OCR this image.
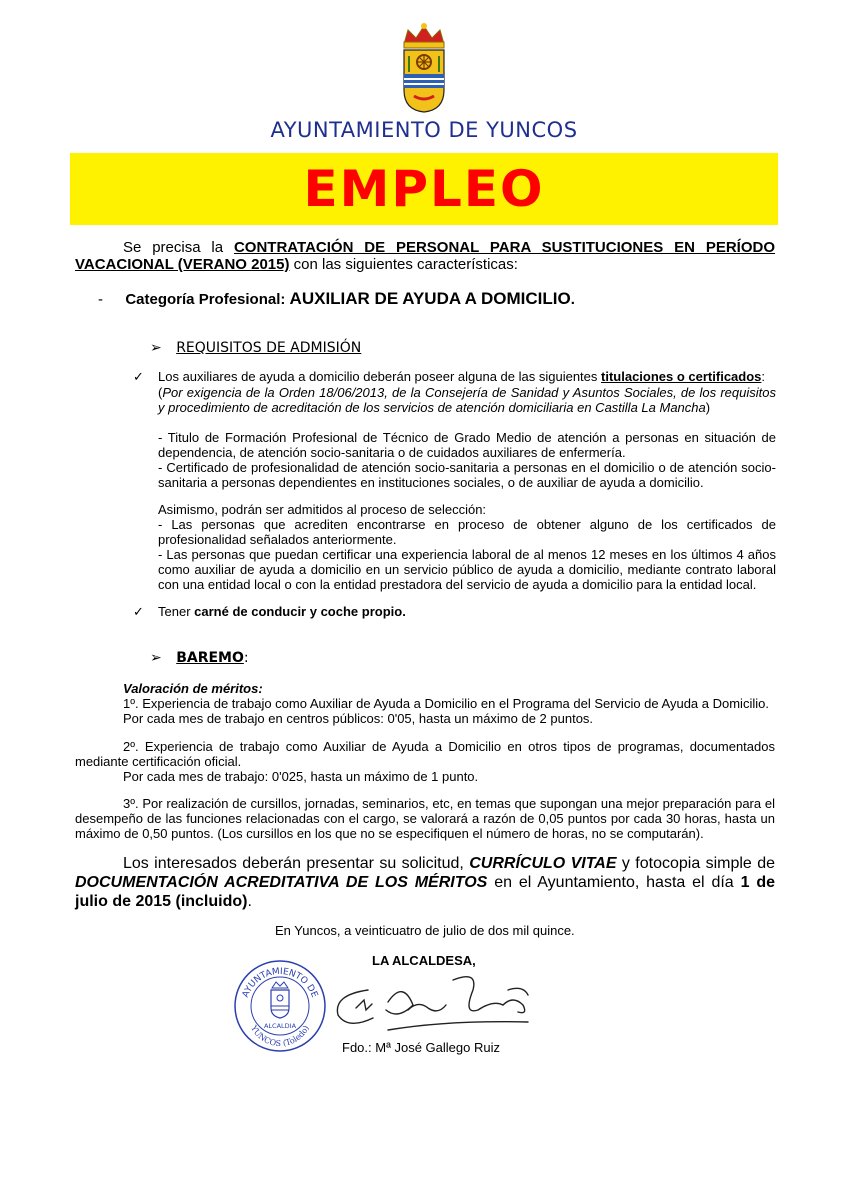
AYUNTAMIENTO DE YUNCOS
EMPLEO

Se precisa la CONTRATACIÓN DE PERSONAL PARA SUSTITUCIONES EN PERÍODO VACACIONAL (VERANO 2015) con las siguientes características:

- Categoría Profesional: AUXILIAR DE AYUDA A DOMICILIO.
➢ REQUISITOS DE ADMISIÓN
✓ Los auxiliares de ayuda a domicilio deberán poseer alguna de las siguientes titulaciones o certificados:
(Por exigencia de la Orden 18/06/2013, de la Consejería de Sanidad y Asuntos Sociales, de los requisitos y procedimiento de acreditación de los servicios de atención domiciliaria en Castilla La Mancha)
- Titulo de Formación Profesional de Técnico de Grado Medio de atención a personas en situación de dependencia, de atención socio-sanitaria o de cuidados auxiliares de enfermería.
- Certificado de profesionalidad de atención socio-sanitaria a personas en el domicilio o de atención socio-sanitaria a personas dependientes en instituciones sociales, o de auxiliar de ayuda a domicilio.
Asimismo, podrán ser admitidos al proceso de selección:
- Las personas que acrediten encontrarse en proceso de obtener alguno de los certificados de profesionalidad señalados anteriormente.
- Las personas que puedan certificar una experiencia laboral de al menos 12 meses en los últimos 4 años como auxiliar de ayuda a domicilio en un servicio público de ayuda a domicilio, mediante contrato laboral con una entidad local o con la entidad prestadora del servicio de ayuda a domicilio para la entidad local.
✓ Tener carné de conducir y coche propio.
➢ BAREMO:
Valoración de méritos:
1º. Experiencia de trabajo como Auxiliar de Ayuda a Domicilio en el Programa del Servicio de Ayuda a Domicilio.
Por cada mes de trabajo en centros públicos: 0'05, hasta un máximo de 2 puntos.
2º. Experiencia de trabajo como Auxiliar de Ayuda a Domicilio en otros tipos de programas, documentados mediante certificación oficial.
Por cada mes de trabajo: 0'025, hasta un máximo de 1 punto.
3º. Por realización de cursillos, jornadas, seminarios, etc, en temas que supongan una mejor preparación para el desempeño de las funciones relacionadas con el cargo, se valorará a razón de 0,05 puntos por cada 30 horas, hasta un máximo de 0,50 puntos. (Los cursillos en los que no se especifiquen el número de horas, no se computarán).
Los interesados deberán presentar su solicitud, CURRÍCULO VITAE y fotocopia simple de DOCUMENTACIÓN ACREDITATIVA DE LOS MÉRITOS en el Ayuntamiento, hasta el día 1 de julio de 2015 (incluido).
En Yuncos, a veinticuatro de julio de dos mil quince.
LA ALCALDESA,
AYUNTAMIENTO DE
YUNCOS (Toledo)
ALCALDIA
Fdo.: Mª José Gallego Ruiz
